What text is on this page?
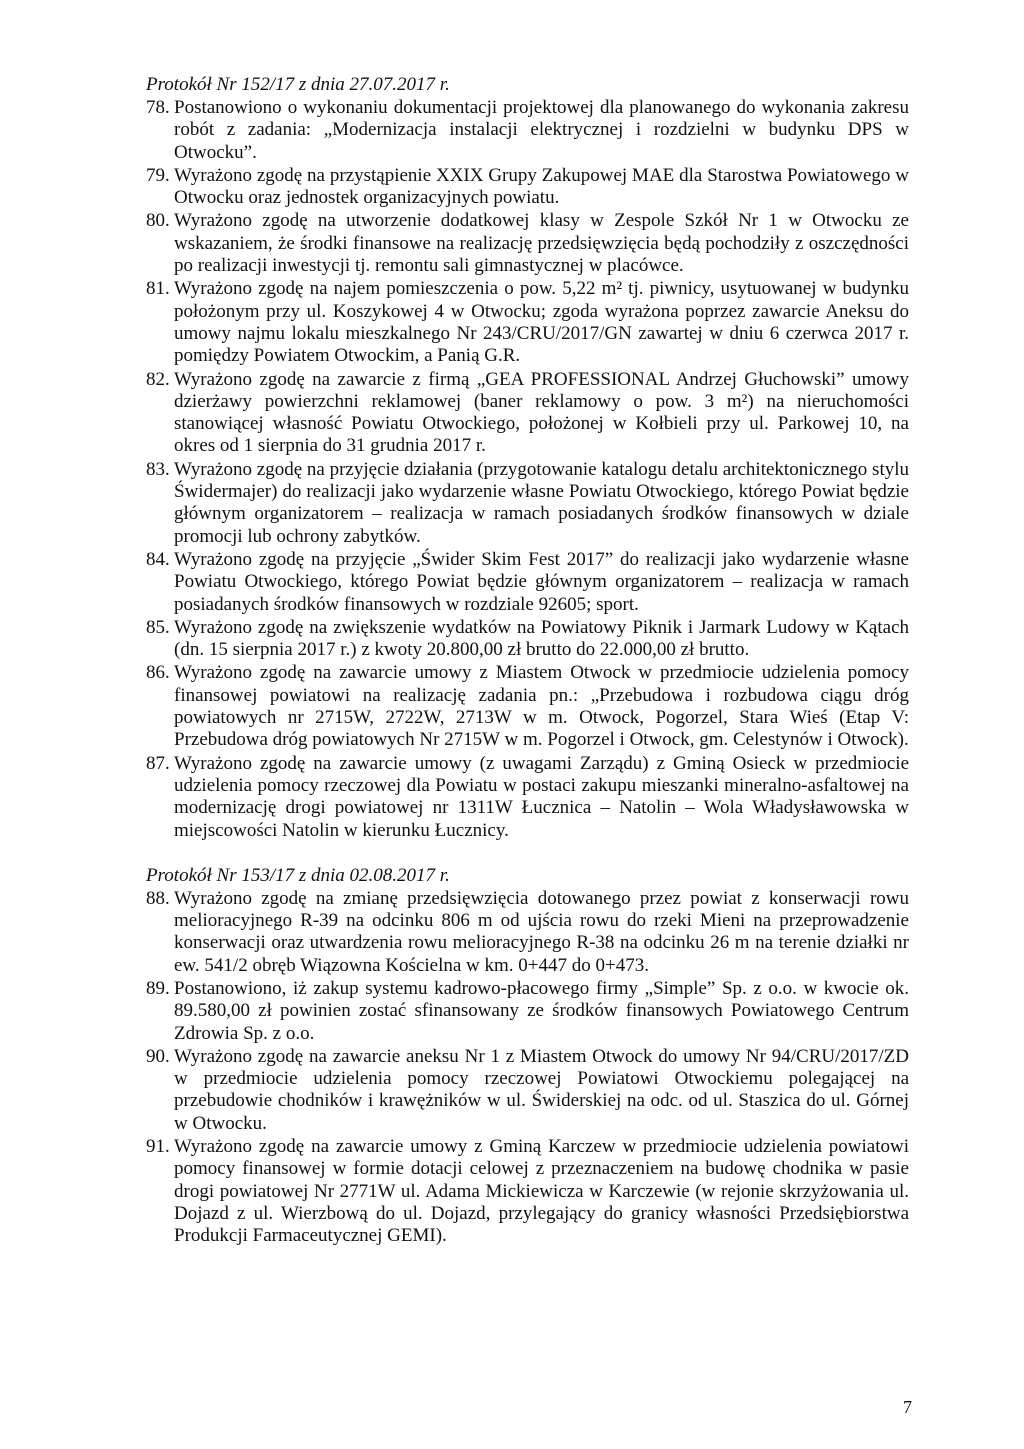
Protokół Nr 152/17 z dnia 27.07.2017 r.

78. Postanowiono o wykonaniu dokumentacji projektowej dla planowanego do wykonania zakresu robót z zadania: „Modernizacja instalacji elektrycznej i rozdzielni w budynku DPS w Otwocku”.
79. Wyrażono zgodę na przystąpienie XXIX Grupy Zakupowej MAE dla Starostwa Powiatowego w Otwocku oraz jednostek organizacyjnych powiatu.
80. Wyrażono zgodę na utworzenie dodatkowej klasy w Zespole Szkół Nr 1 w Otwocku ze wskazaniem, że środki finansowe na realizację przedsięwzięcia będą pochodziły z oszczędności po realizacji inwestycji tj. remontu sali gimnastycznej w placówce.
81. Wyrażono zgodę na najem pomieszczenia o pow. 5,22 m² tj. piwnicy, usytuowanej w budynku położonym przy ul. Koszykowej 4 w Otwocku; zgoda wyrażona poprzez zawarcie Aneksu do umowy najmu lokalu mieszkalnego Nr 243/CRU/2017/GN zawartej w dniu 6 czerwca 2017 r. pomiędzy Powiatem Otwockim, a Panią G.R.
82. Wyrażono zgodę na zawarcie z firmą „GEA PROFESSIONAL Andrzej Głuchowski” umowy dzierżawy powierzchni reklamowej (baner reklamowy o pow. 3 m²) na nieruchomości stanowiącej własność Powiatu Otwockiego, położonej w Kołbieli przy ul. Parkowej 10, na okres od 1 sierpnia do 31 grudnia 2017 r.
83. Wyrażono zgodę na przyjęcie działania (przygotowanie katalogu detalu architektonicznego stylu Świdermajer) do realizacji jako wydarzenie własne Powiatu Otwockiego, którego Powiat będzie głównym organizatorem – realizacja w ramach posiadanych środków finansowych w dziale promocji lub ochrony zabytków.
84. Wyrażono zgodę na przyjęcie „Świder Skim Fest 2017” do realizacji jako wydarzenie własne Powiatu Otwockiego, którego Powiat będzie głównym organizatorem – realizacja w ramach posiadanych środków finansowych w rozdziale 92605; sport.
85. Wyrażono zgodę na zwiększenie wydatków na Powiatowy Piknik i Jarmark Ludowy w Kątach (dn. 15 sierpnia 2017 r.) z kwoty 20.800,00 zł brutto do 22.000,00 zł brutto.
86. Wyrażono zgodę na zawarcie umowy z Miastem Otwock w przedmiocie udzielenia pomocy finansowej powiatowi na realizację zadania pn.: „Przebudowa i rozbudowa ciągu dróg powiatowych nr 2715W, 2722W, 2713W w m. Otwock, Pogorzel, Stara Wieś (Etap V: Przebudowa dróg powiatowych Nr 2715W w m. Pogorzel i Otwock, gm. Celestynów i Otwock).
87. Wyrażono zgodę na zawarcie umowy (z uwagami Zarządu) z Gminą Osieck w przedmiocie udzielenia pomocy rzeczowej dla Powiatu w postaci zakupu mieszanki mineralno-asfaltowej na modernizację drogi powiatowej nr 1311W Łucznica – Natolin – Wola Władysławowska w miejscowości Natolin w kierunku Łucznicy.

Protokół Nr 153/17 z dnia 02.08.2017 r.

88. Wyrażono zgodę na zmianę przedsięwzięcia dotowanego przez powiat z konserwacji rowu melioracyjnego R-39 na odcinku 806 m od ujścia rowu do rzeki Mieni na przeprowadzenie konserwacji oraz utwardzenia rowu melioracyjnego R-38 na odcinku 26 m na terenie działki nr ew. 541/2 obręb Wiązowna Kościelna w km. 0+447 do 0+473.
89. Postanowiono, iż zakup systemu kadrowo-płacowego firmy „Simple” Sp. z o.o. w kwocie ok. 89.580,00 zł powinien zostać sfinansowany ze środków finansowych Powiatowego Centrum Zdrowia Sp. z o.o.
90. Wyrażono zgodę na zawarcie aneksu Nr 1 z Miastem Otwock do umowy Nr 94/CRU/2017/ZD w przedmiocie udzielenia pomocy rzeczowej Powiatowi Otwockiemu polegającej na przebudowie chodników i krawężników w ul. Świderskiej na odc. od ul. Staszica do ul. Górnej w Otwocku.
91. Wyrażono zgodę na zawarcie umowy z Gminą Karczew w przedmiocie udzielenia powiatowi pomocy finansowej w formie dotacji celowej z przeznaczeniem na budowę chodnika w pasie drogi powiatowej Nr 2771W ul. Adama Mickiewicza w Karczewie (w rejonie skrzyżowania ul. Dojazd z ul. Wierzbową do ul. Dojazd, przylegający do granicy własności Przedsiębiorstwa Produkcji Farmaceutycznej GEMI).
7
